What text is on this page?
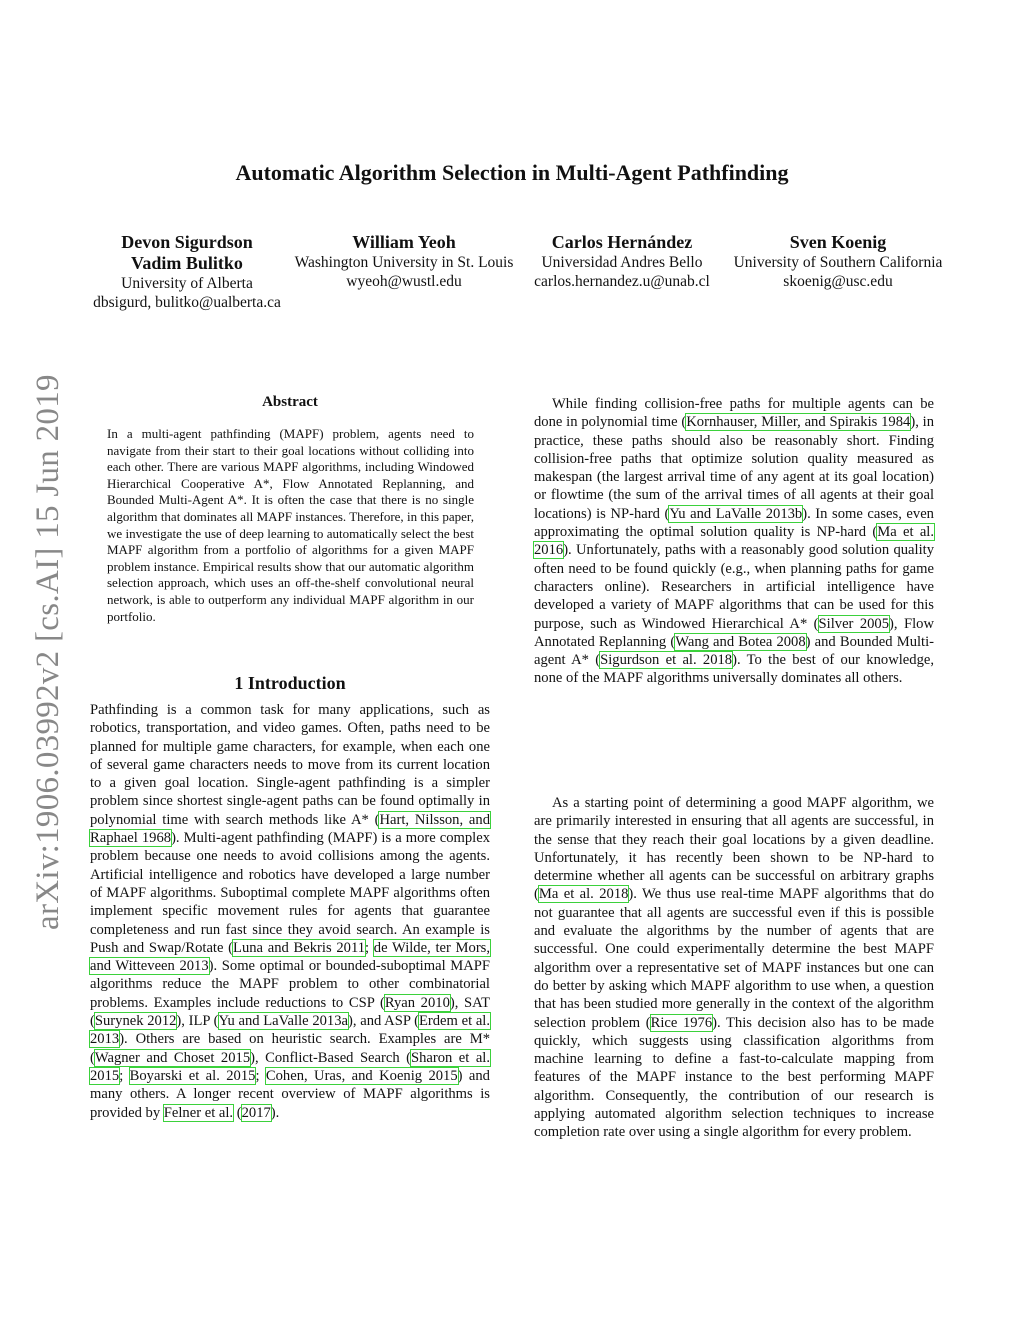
arXiv:1906.03992v2 [cs.AI] 15 Jun 2019
Automatic Algorithm Selection in Multi-Agent Pathfinding
Devon Sigurdson
Vadim Bulitko
University of Alberta
dbsigurd, bulitko@ualberta.ca
William Yeoh
Washington University in St. Louis
wyeoh@wustl.edu
Carlos Hernández
Universidad Andres Bello
carlos.hernandez.u@unab.cl
Sven Koenig
University of Southern California
skoenig@usc.edu
Abstract

In a multi-agent pathfinding (MAPF) problem, agents need to navigate from their start to their goal locations without colliding into each other. There are various MAPF algorithms, including Windowed Hierarchical Cooperative A*, Flow Annotated Replanning, and Bounded Multi-Agent A*. It is often the case that there is no single algorithm that dominates all MAPF instances. Therefore, in this paper, we investigate the use of deep learning to automatically select the best MAPF algorithm from a portfolio of algorithms for a given MAPF problem instance. Empirical results show that our automatic algorithm selection approach, which uses an off-the-shelf convolutional neural network, is able to outperform any individual MAPF algorithm in our portfolio.

1 Introduction

Pathfinding is a common task for many applications, such as robotics, transportation, and video games. Often, paths need to be planned for multiple game characters, for example, when each one of several game characters needs to move from its current location to a given goal location. Single-agent pathfinding is a simpler problem since shortest single-agent paths can be found optimally in polynomial time with search methods like A* (Hart, Nilsson, and Raphael 1968). Multi-agent pathfinding (MAPF) is a more complex problem because one needs to avoid collisions among the agents. Artificial intelligence and robotics have developed a large number of MAPF algorithms. Suboptimal complete MAPF algorithms often implement specific movement rules for agents that guarantee completeness and run fast since they avoid search. An example is Push and Swap/Rotate (Luna and Bekris 2011; de Wilde, ter Mors, and Witteveen 2013). Some optimal or bounded-suboptimal MAPF algorithms reduce the MAPF problem to other combinatorial problems. Examples include reductions to CSP (Ryan 2010), SAT (Surynek 2012), ILP (Yu and LaValle 2013a), and ASP (Erdem et al. 2013). Others are based on heuristic search. Examples are M* (Wagner and Choset 2015), Conflict-Based Search (Sharon et al. 2015; Boyarski et al. 2015; Cohen, Uras, and Koenig 2015) and many others. A longer recent overview of MAPF algorithms is provided by Felner et al. (2017).

While finding collision-free paths for multiple agents can be done in polynomial time (Kornhauser, Miller, and Spirakis 1984), in practice, these paths should also be reasonably short. Finding collision-free paths that optimize solution quality measured as makespan (the largest arrival time of any agent at its goal location) or flowtime (the sum of the arrival times of all agents at their goal locations) is NP-hard (Yu and LaValle 2013b). In some cases, even approximating the optimal solution quality is NP-hard (Ma et al. 2016). Unfortunately, paths with a reasonably good solution quality often need to be found quickly (e.g., when planning paths for game characters online). Researchers in artificial intelligence have developed a variety of MAPF algorithms that can be used for this purpose, such as Windowed Hierarchical A* (Silver 2005), Flow Annotated Replanning (Wang and Botea 2008) and Bounded Multi-agent A* (Sigurdson et al. 2018). To the best of our knowledge, none of the MAPF algorithms universally dominates all others.

As a starting point of determining a good MAPF algorithm, we are primarily interested in ensuring that all agents are successful, in the sense that they reach their goal locations by a given deadline. Unfortunately, it has recently been shown to be NP-hard to determine whether all agents can be successful on arbitrary graphs (Ma et al. 2018). We thus use real-time MAPF algorithms that do not guarantee that all agents are successful even if this is possible and evaluate the algorithms by the number of agents that are successful. One could experimentally determine the best MAPF algorithm over a representative set of MAPF instances but one can do better by asking which MAPF algorithm to use when, a question that has been studied more generally in the context of the algorithm selection problem (Rice 1976). This decision also has to be made quickly, which suggests using classification algorithms from machine learning to define a fast-to-calculate mapping from features of the MAPF instance to the best performing MAPF algorithm. Consequently, the contribution of our research is applying automated algorithm selection techniques to increase completion rate over using a single algorithm for every problem.
